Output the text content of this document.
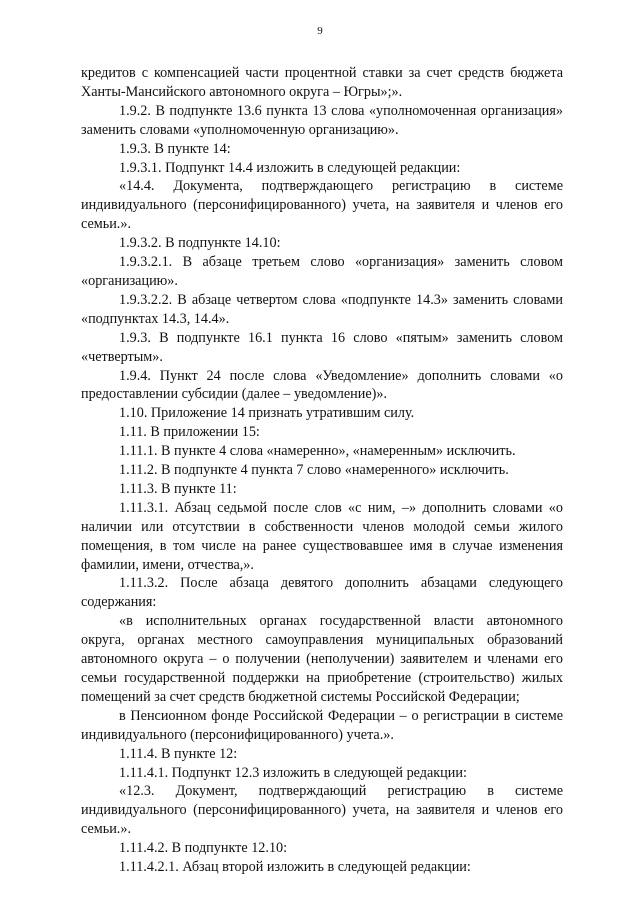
9

кредитов с компенсацией части процентной ставки за счет средств бюджета Ханты-Мансийского автономного округа – Югры»;».

1.9.2. В подпункте 13.6 пункта 13 слова «уполномоченная организация» заменить словами «уполномоченную организацию».

1.9.3. В пункте 14:

1.9.3.1. Подпункт 14.4 изложить в следующей редакции:

«14.4. Документа, подтверждающего регистрацию в системе индивидуального (персонифицированного) учета, на заявителя и членов его семьи.».

1.9.3.2. В подпункте 14.10:

1.9.3.2.1. В абзаце третьем слово «организация» заменить словом «организацию».

1.9.3.2.2. В абзаце четвертом слова «подпункте 14.3» заменить словами «подпунктах 14.3, 14.4».

1.9.3. В подпункте 16.1 пункта 16 слово «пятым» заменить словом «четвертым».

1.9.4. Пункт 24 после слова «Уведомление» дополнить словами «о предоставлении субсидии (далее – уведомление)».

1.10. Приложение 14 признать утратившим силу.

1.11. В приложении 15:

1.11.1. В пункте 4 слова «намеренно», «намеренным» исключить.

1.11.2. В подпункте 4 пункта 7 слово «намеренного» исключить.

1.11.3. В пункте 11:

1.11.3.1. Абзац седьмой после слов «с ним, –» дополнить словами «о наличии или отсутствии в собственности членов молодой семьи жилого помещения, в том числе на ранее существовавшее имя в случае изменения фамилии, имени, отчества,».

1.11.3.2. После абзаца девятого дополнить абзацами следующего содержания:

«в исполнительных органах государственной власти автономного округа, органах местного самоуправления муниципальных образований автономного округа – о получении (неполучении) заявителем и членами его семьи государственной поддержки на приобретение (строительство) жилых помещений за счет средств бюджетной системы Российской Федерации;

в Пенсионном фонде Российской Федерации – о регистрации в системе индивидуального (персонифицированного) учета.».

1.11.4. В пункте 12:

1.11.4.1. Подпункт 12.3 изложить в следующей редакции:

«12.3. Документ, подтверждающий регистрацию в системе индивидуального (персонифицированного) учета, на заявителя и членов его семьи.».

1.11.4.2. В подпункте 12.10:

1.11.4.2.1. Абзац второй изложить в следующей редакции:
